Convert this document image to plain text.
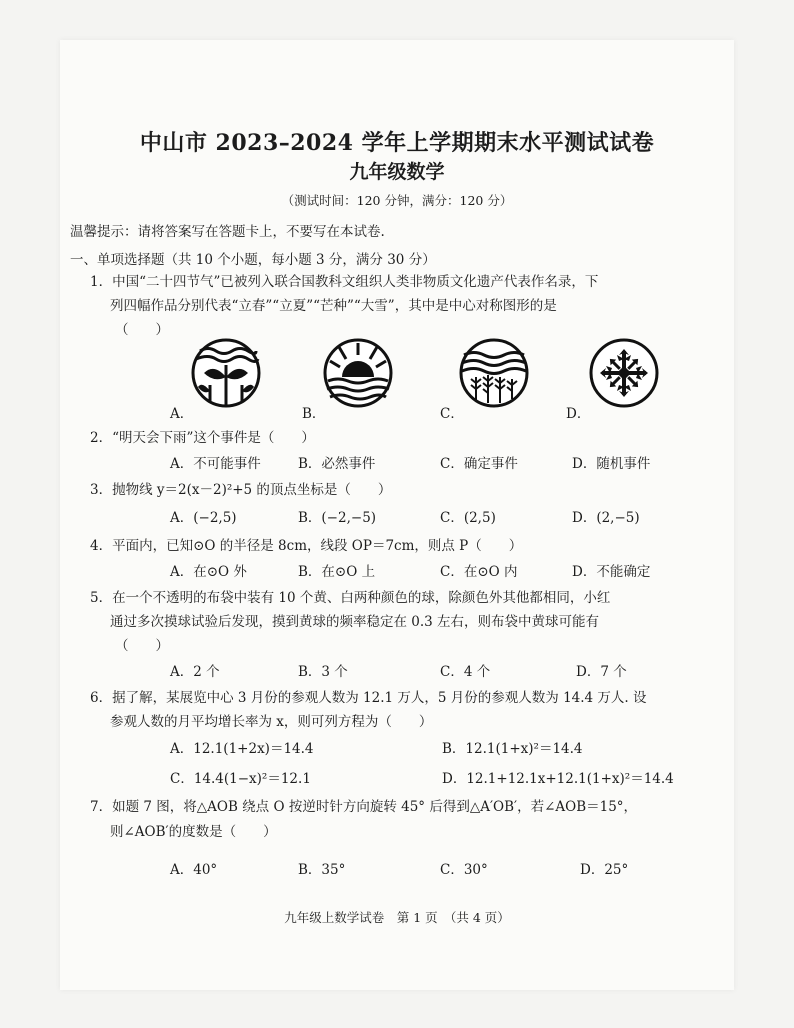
中山市 2023–2024 学年上学期期末水平测试试卷
九年级数学
（测试时间：120 分钟，满分：120 分）
温馨提示：请将答案写在答题卡上，不要写在本试卷.
一、单项选择题（共 10 个小题，每小题 3 分，满分 30 分）
1．中国“二十四节气”已被列入联合国教科文组织人类非物质文化遗产代表作名录，下
列四幅作品分别代表“立春”“立夏”“芒种”“大雪”，其中是中心对称图形的是
（　　）
A．	B．	C．	D．
2．“明天会下雨”这个事件是（　　）
A．不可能事件	B．必然事件	C．确定事件	D．随机事件
3．抛物线 y＝2(x－2)²+5 的顶点坐标是（　　）
A．(−2,5)	B．(−2,−5)	C．(2,5)	D．(2,−5)
4．平面内，已知⊙O 的半径是 8cm，线段 OP＝7cm，则点 P（　　）
A．在⊙O 外	B．在⊙O 上	C．在⊙O 内	D．不能确定
5．在一个不透明的布袋中装有 10 个黄、白两种颜色的球，除颜色外其他都相同，小红
通过多次摸球试验后发现，摸到黄球的频率稳定在 0.3 左右，则布袋中黄球可能有
（　　）
A．2 个	B．3 个	C．4 个	D．7 个
6．据了解，某展览中心 3 月份的参观人数为 12.1 万人，5 月份的参观人数为 14.4 万人. 设
参观人数的月平均增长率为 x，则可列方程为（　　）
A．12.1(1+2x)＝14.4	B．12.1(1+x)²＝14.4
C．14.4(1−x)²＝12.1	D．12.1+12.1x+12.1(1+x)²＝14.4
7．如题 7 图，将△AOB 绕点 O 按逆时针方向旋转 45° 后得到△A′OB′，若∠AOB＝15°，
则∠AOB′的度数是（　　）
A．40°	B．35°	C．30°	D．25°
九年级上数学试卷　第 1 页　（共 4 页）
